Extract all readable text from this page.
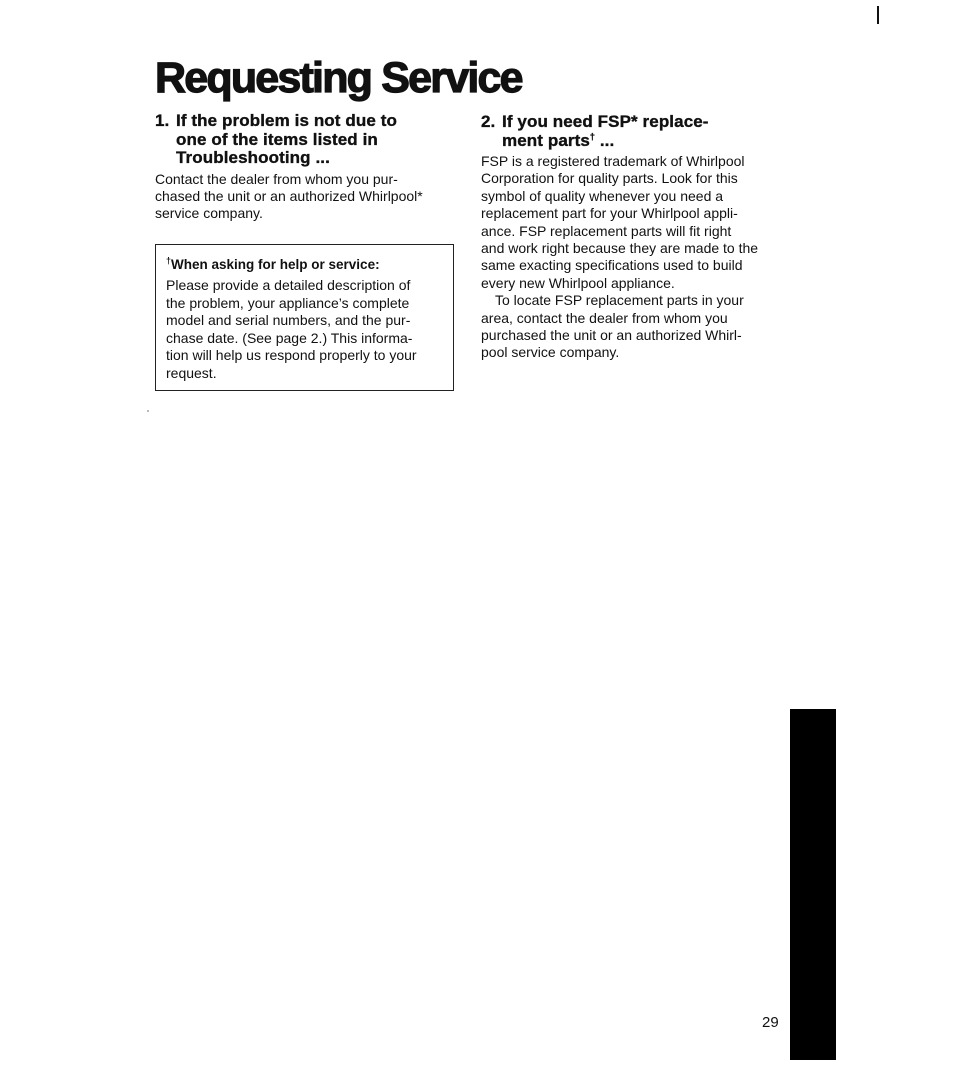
Requesting Service
1. If the problem is not due to
one of the items listed in
Troubleshooting ...

Contact the dealer from whom you pur-
chased the unit or an authorized Whirlpool*
service company.

†When asking for help or service:

Please provide a detailed description of
the problem, your appliance’s complete
model and serial numbers, and the pur-
chase date. (See page 2.) This informa-
tion will help us respond properly to your
request.

2. If you need FSP* replace-
ment parts† ...

FSP is a registered trademark of Whirlpool
Corporation for quality parts. Look for this
symbol of quality whenever you need a
replacement part for your Whirlpool appli-
ance. FSP replacement parts will fit right
and work right because they are made to the
same exacting specifications used to build
every new Whirlpool appliance.

To locate FSP replacement parts in your
area, contact the dealer from whom you
purchased the unit or an authorized Whirl-
pool service company.

29
